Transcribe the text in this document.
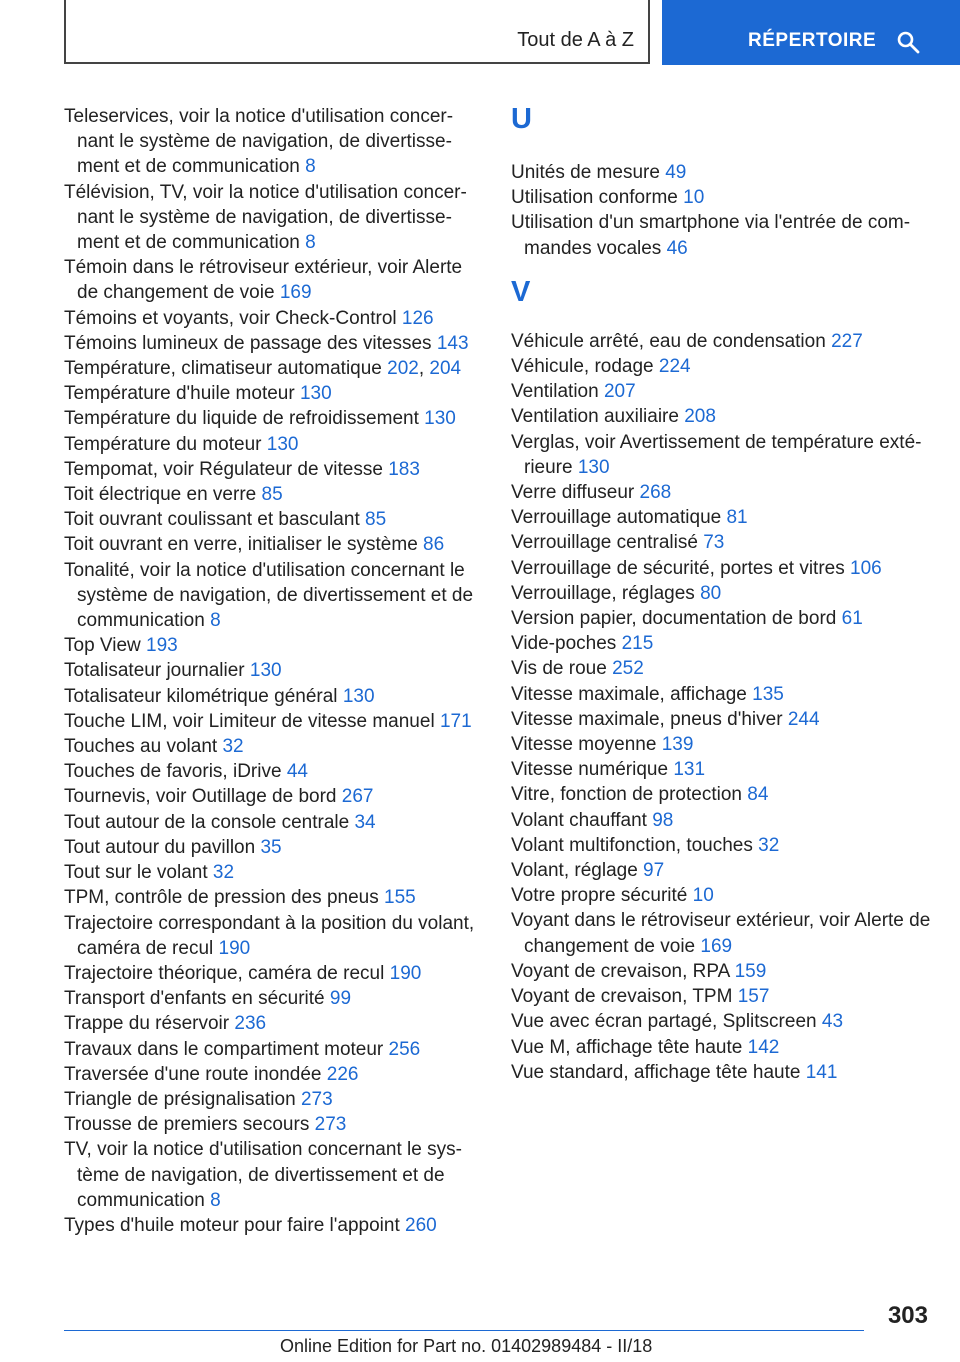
Tout de A à Z	RÉPERTOIRE
Teleservices, voir la notice d'utilisation concernant le système de navigation, de divertissement et de communication 8
Télévision, TV, voir la notice d'utilisation concernant le système de navigation, de divertissement et de communication 8
Témoin dans le rétroviseur extérieur, voir Alerte de changement de voie 169
Témoins et voyants, voir Check-Control 126
Témoins lumineux de passage des vitesses 143
Température, climatiseur automatique 202, 204
Température d'huile moteur 130
Température du liquide de refroidissement 130
Température du moteur 130
Tempomat, voir Régulateur de vitesse 183
Toit électrique en verre 85
Toit ouvrant coulissant et basculant 85
Toit ouvrant en verre, initialiser le système 86
Tonalité, voir la notice d'utilisation concernant le système de navigation, de divertissement et de communication 8
Top View 193
Totalisateur journalier 130
Totalisateur kilométrique général 130
Touche LIM, voir Limiteur de vitesse manuel 171
Touches au volant 32
Touches de favoris, iDrive 44
Tournevis, voir Outillage de bord 267
Tout autour de la console centrale 34
Tout autour du pavillon 35
Tout sur le volant 32
TPM, contrôle de pression des pneus 155
Trajectoire correspondant à la position du volant, caméra de recul 190
Trajectoire théorique, caméra de recul 190
Transport d'enfants en sécurité 99
Trappe du réservoir 236
Travaux dans le compartiment moteur 256
Traversée d'une route inondée 226
Triangle de présignalisation 273
Trousse de premiers secours 273
TV, voir la notice d'utilisation concernant le système de navigation, de divertissement et de communication 8
Types d'huile moteur pour faire l'appoint 260
U
Unités de mesure 49
Utilisation conforme 10
Utilisation d'un smartphone via l'entrée de commandes vocales 46
V
Véhicule arrêté, eau de condensation 227
Véhicule, rodage 224
Ventilation 207
Ventilation auxiliaire 208
Verglas, voir Avertissement de température extérieure 130
Verre diffuseur 268
Verrouillage automatique 81
Verrouillage centralisé 73
Verrouillage de sécurité, portes et vitres 106
Verrouillage, réglages 80
Version papier, documentation de bord 61
Vide-poches 215
Vis de roue 252
Vitesse maximale, affichage 135
Vitesse maximale, pneus d'hiver 244
Vitesse moyenne 139
Vitesse numérique 131
Vitre, fonction de protection 84
Volant chauffant 98
Volant multifonction, touches 32
Volant, réglage 97
Votre propre sécurité 10
Voyant dans le rétroviseur extérieur, voir Alerte de changement de voie 169
Voyant de crevaison, RPA 159
Voyant de crevaison, TPM 157
Vue avec écran partagé, Splitscreen 43
Vue M, affichage tête haute 142
Vue standard, affichage tête haute 141
303
Online Edition for Part no. 01402989484 - II/18
